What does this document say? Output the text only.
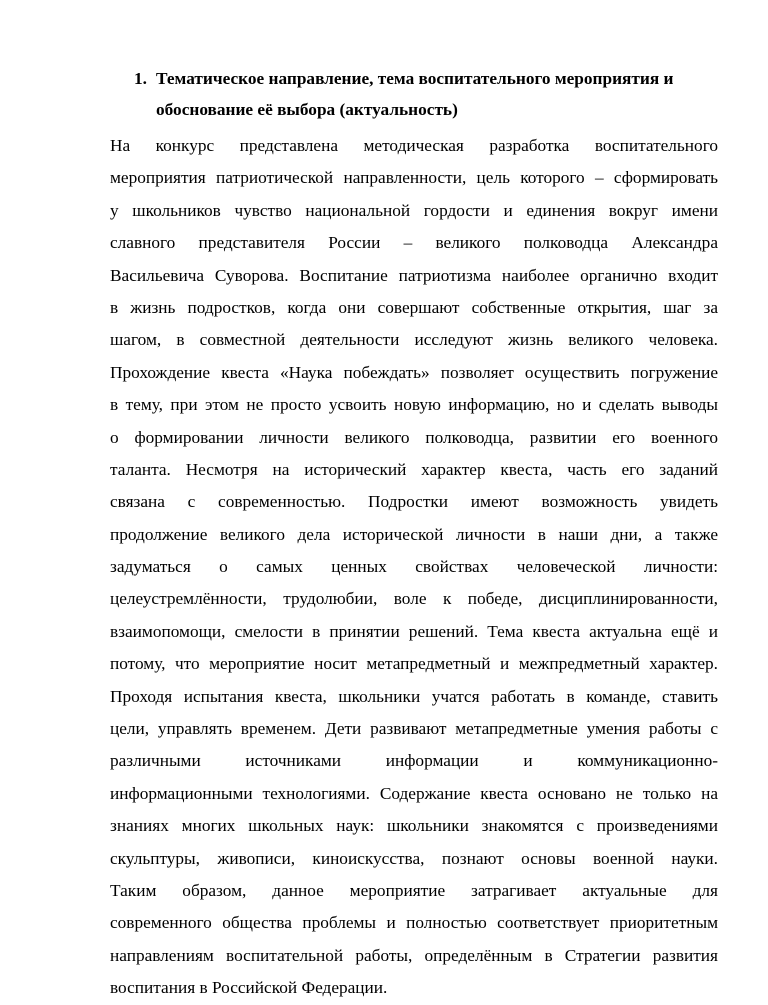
1. Тематическое направление, тема воспитательного мероприятия и
обоснование её выбора (актуальность)
На конкурс представлена методическая разработка воспитательного
мероприятия патриотической направленности, цель которого – сформировать
у школьников чувство национальной гордости и единения вокруг имени
славного представителя России – великого полководца Александра
Васильевича Суворова. Воспитание патриотизма наиболее органично входит
в жизнь подростков, когда они совершают собственные открытия, шаг за
шагом, в совместной деятельности исследуют жизнь великого человека.
Прохождение квеста «Наука побеждать» позволяет осуществить погружение
в тему, при этом не просто усвоить новую информацию, но и сделать выводы
о формировании личности великого полководца, развитии его военного
таланта. Несмотря на исторический характер квеста, часть его заданий
связана с современностью. Подростки имеют возможность увидеть
продолжение великого дела исторической личности в наши дни, а также
задуматься о самых ценных свойствах человеческой личности:
целеустремлённости, трудолюбии, воле к победе, дисциплинированности,
взаимопомощи, смелости в принятии решений. Тема квеста актуальна ещё и
потому, что мероприятие носит метапредметный и межпредметный характер.
Проходя испытания квеста, школьники учатся работать в команде, ставить
цели, управлять временем. Дети развивают метапредметные умения работы с
различными источниками информации и коммуникационно-
информационными технологиями. Содержание квеста основано не только на
знаниях многих школьных наук: школьники знакомятся с произведениями
скульптуры, живописи, киноискусства, познают основы военной науки.
Таким образом, данное мероприятие затрагивает актуальные для
современного общества проблемы и полностью соответствует приоритетным
направлениям воспитательной работы, определённым в Стратегии развития
воспитания в Российской Федерации.
